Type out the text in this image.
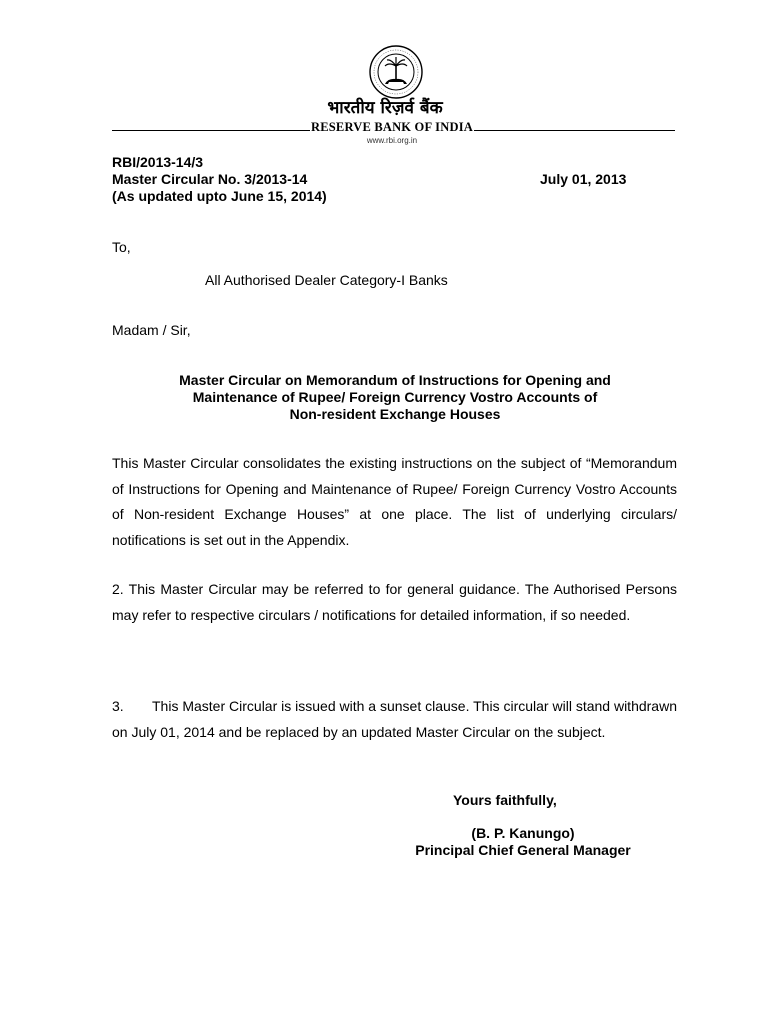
भारतीय रिज़र्व बैंक
RESERVE BANK OF INDIA
www.rbi.org.in
RBI/2013-14/3
Master Circular No. 3/2013-14
(As updated upto June 15, 2014)
July 01, 2013
To,
All Authorised Dealer Category-I Banks
Madam / Sir,
Master Circular on Memorandum of Instructions for Opening and
Maintenance of Rupee/ Foreign Currency Vostro Accounts of
Non-resident Exchange Houses
This Master Circular consolidates the existing instructions on the subject of “Memorandum of Instructions for Opening and Maintenance of Rupee/ Foreign Currency Vostro Accounts of Non-resident Exchange Houses” at one place. The list of underlying circulars/ notifications is set out in the Appendix.
2. This Master Circular may be referred to for general guidance. The Authorised Persons may refer to respective circulars / notifications for detailed information, if so needed.
3. This Master Circular is issued with a sunset clause. This circular will stand withdrawn on July 01, 2014 and be replaced by an updated Master Circular on the subject.
Yours faithfully,
(B. P. Kanungo)
Principal Chief General Manager
